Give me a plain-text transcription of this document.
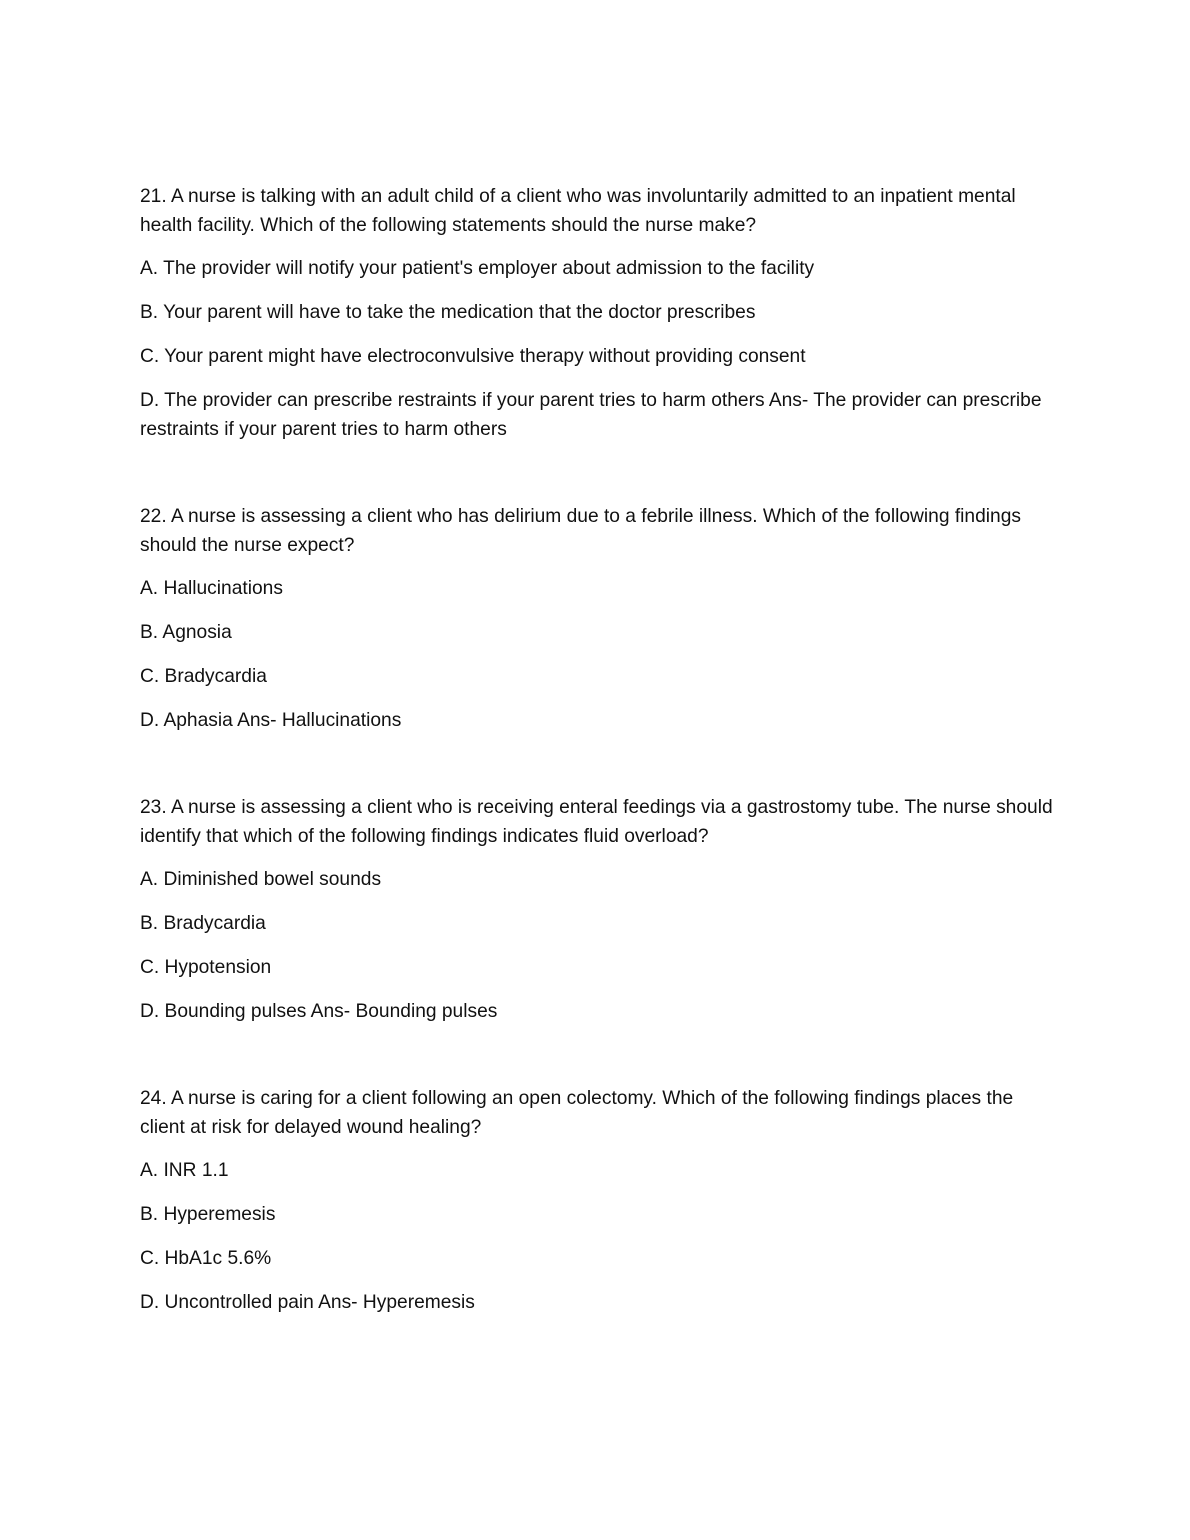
21. A nurse is talking with an adult child of a client who was involuntarily admitted to an inpatient mental health facility. Which of the following statements should the nurse make?

A. The provider will notify your patient's employer about admission to the facility

B. Your parent will have to take the medication that the doctor prescribes

C. Your parent might have electroconvulsive therapy without providing consent

D. The provider can prescribe restraints if your parent tries to harm others Ans- The provider can prescribe restraints if your parent tries to harm others

22. A nurse is assessing a client who has delirium due to a febrile illness. Which of the following findings should the nurse expect?

A. Hallucinations

B. Agnosia

C. Bradycardia

D. Aphasia Ans- Hallucinations

23. A nurse is assessing a client who is receiving enteral feedings via a gastrostomy tube. The nurse should identify that which of the following findings indicates fluid overload?

A. Diminished bowel sounds

B. Bradycardia

C. Hypotension

D. Bounding pulses Ans- Bounding pulses

24. A nurse is caring for a client following an open colectomy. Which of the following findings places the client at risk for delayed wound healing?

A. INR 1.1

B. Hyperemesis

C. HbA1c 5.6%

D. Uncontrolled pain Ans- Hyperemesis
